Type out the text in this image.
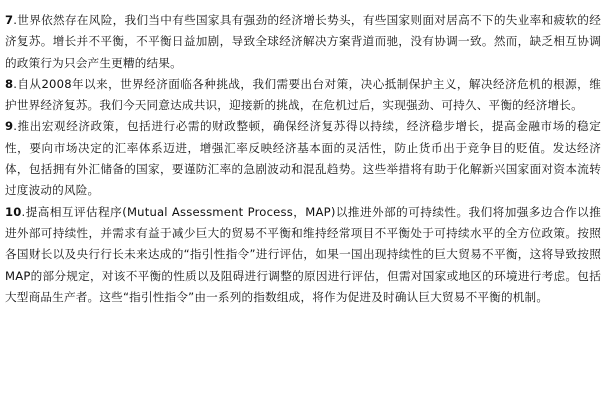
7.世界依然存在风险，我们当中有些国家具有强劲的经济增长势头，有些国家则面对居高不下的失业率和疲软的经济复苏。增长并不平衡，不平衡日益加剧，导致全球经济解决方案背道而驰，没有协调一致。然而，缺乏相互协调的政策行为只会产生更糟的结果。

8.自从2008年以来，世界经济面临各种挑战，我们需要出台对策，决心抵制保护主义，解决经济危机的根源，维护世界经济复苏。我们今天同意达成共识，迎接新的挑战，在危机过后，实现强劲、可持久、平衡的经济增长。

9.推出宏观经济政策，包括进行必需的财政整顿，确保经济复苏得以持续，经济稳步增长，提高金融市场的稳定性，要向市场决定的汇率体系迈进，增强汇率反映经济基本面的灵活性，防止货币出于竞争目的贬值。发达经济体，包括拥有外汇储备的国家，要谨防汇率的急剧波动和混乱趋势。这些举措将有助于化解新兴国家面对资本流转过度波动的风险。

10.提高相互评估程序(Mutual Assessment Process，MAP)以推进外部的可持续性。我们将加强多边合作以推进外部可持续性，并需求有益于减少巨大的贸易不平衡和维持经常项目不平衡处于可持续水平的全方位政策。按照各国财长以及央行行长未来达成的“指引性指令”进行评估，如果一国出现持续性的巨大贸易不平衡，这将导致按照MAP的部分规定，对该不平衡的性质以及阻碍进行调整的原因进行评估，但需对国家或地区的环境进行考虑。包括大型商品生产者。这些“指引性指令”由一系列的指数组成，将作为促进及时确认巨大贸易不平衡的机制。
